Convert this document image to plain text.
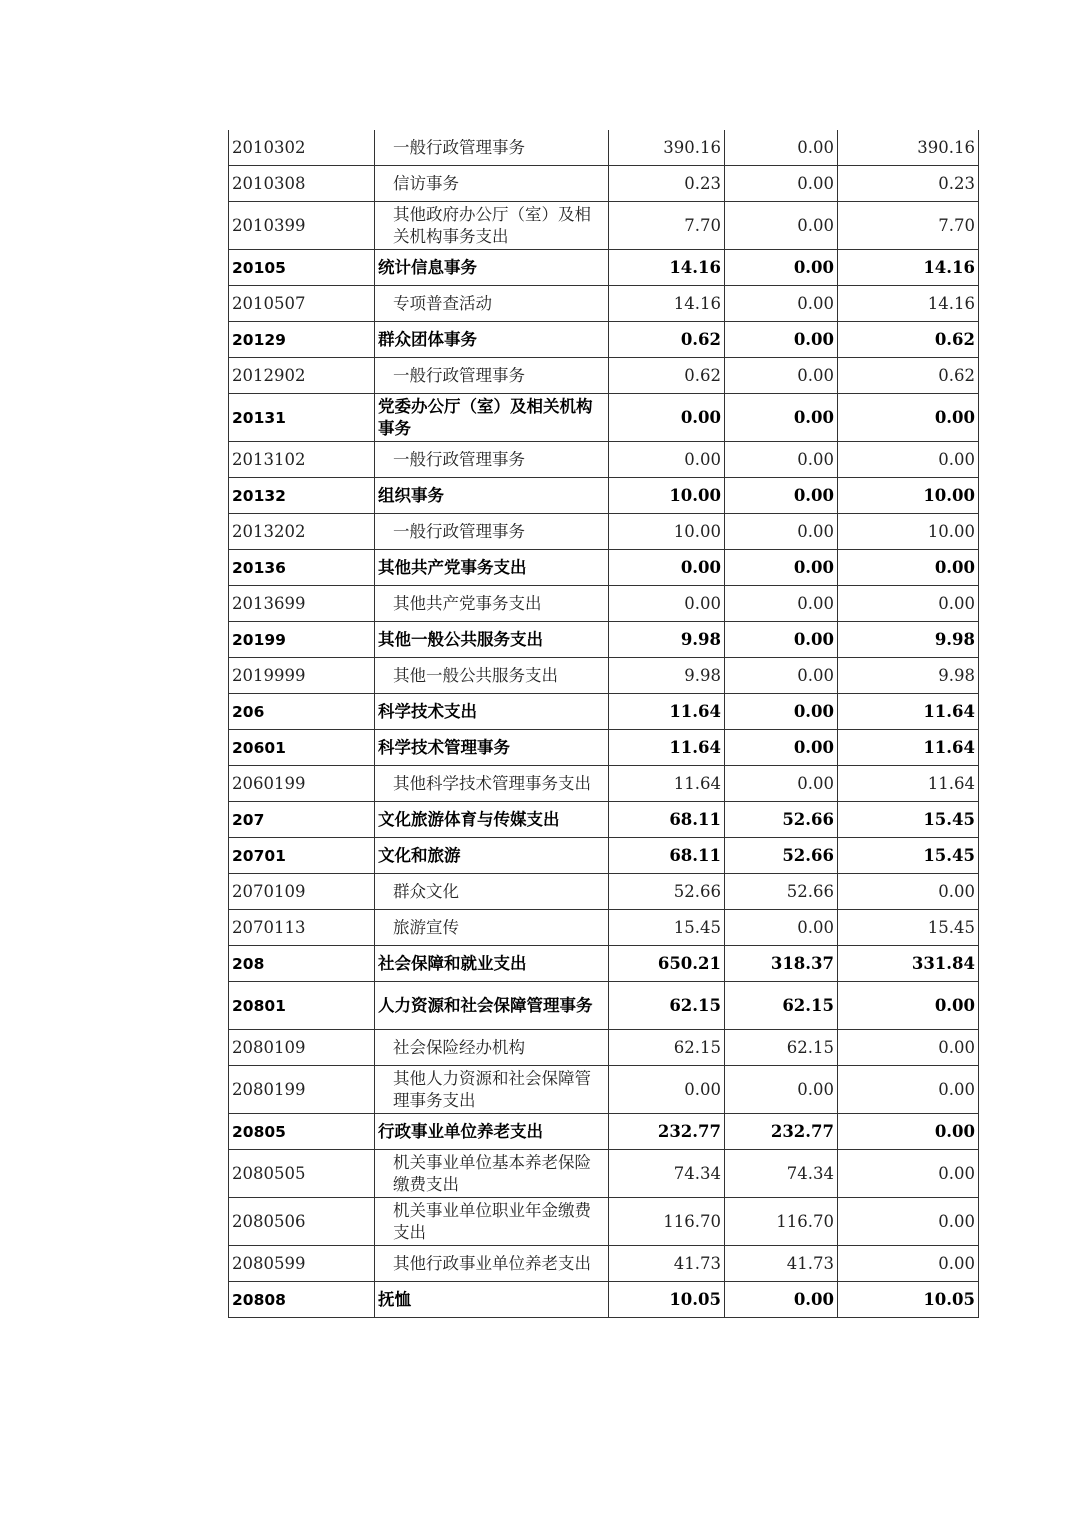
2010302	一般行政管理事务	390.16	0.00	390.16
2010308	信访事务	0.23	0.00	0.23
2010399	其他政府办公厅（室）及相关机构事务支出	7.70	0.00	7.70
20105	统计信息事务	14.16	0.00	14.16
2010507	专项普查活动	14.16	0.00	14.16
20129	群众团体事务	0.62	0.00	0.62
2012902	一般行政管理事务	0.62	0.00	0.62
20131	党委办公厅（室）及相关机构事务	0.00	0.00	0.00
2013102	一般行政管理事务	0.00	0.00	0.00
20132	组织事务	10.00	0.00	10.00
2013202	一般行政管理事务	10.00	0.00	10.00
20136	其他共产党事务支出	0.00	0.00	0.00
2013699	其他共产党事务支出	0.00	0.00	0.00
20199	其他一般公共服务支出	9.98	0.00	9.98
2019999	其他一般公共服务支出	9.98	0.00	9.98
206	科学技术支出	11.64	0.00	11.64
20601	科学技术管理事务	11.64	0.00	11.64
2060199	其他科学技术管理事务支出	11.64	0.00	11.64
207	文化旅游体育与传媒支出	68.11	52.66	15.45
20701	文化和旅游	68.11	52.66	15.45
2070109	群众文化	52.66	52.66	0.00
2070113	旅游宣传	15.45	0.00	15.45
208	社会保障和就业支出	650.21	318.37	331.84
20801	人力资源和社会保障管理事务	62.15	62.15	0.00
2080109	社会保险经办机构	62.15	62.15	0.00
2080199	其他人力资源和社会保障管理事务支出	0.00	0.00	0.00
20805	行政事业单位养老支出	232.77	232.77	0.00
2080505	机关事业单位基本养老保险缴费支出	74.34	74.34	0.00
2080506	机关事业单位职业年金缴费支出	116.70	116.70	0.00
2080599	其他行政事业单位养老支出	41.73	41.73	0.00
20808	抚恤	10.05	0.00	10.05
